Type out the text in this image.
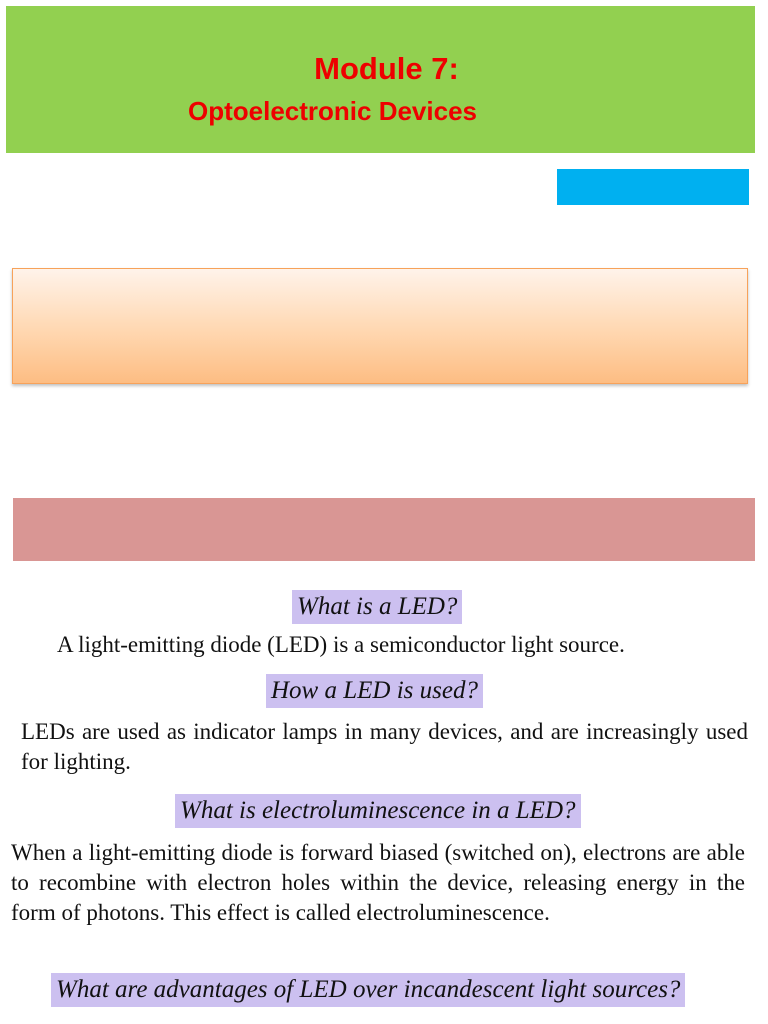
Module 7:
Optoelectronic Devices
What is a LED?
A light-emitting diode (LED) is a semiconductor light source.
How a LED is used?
LEDs are used as indicator lamps in many devices, and are increasingly used for lighting.
What is electroluminescence in a LED?
When a light-emitting diode is forward biased (switched on), electrons are able to recombine with electron holes within the device, releasing energy in the form of photons. This effect is called electroluminescence.
What are advantages of LED over incandescent light sources?
